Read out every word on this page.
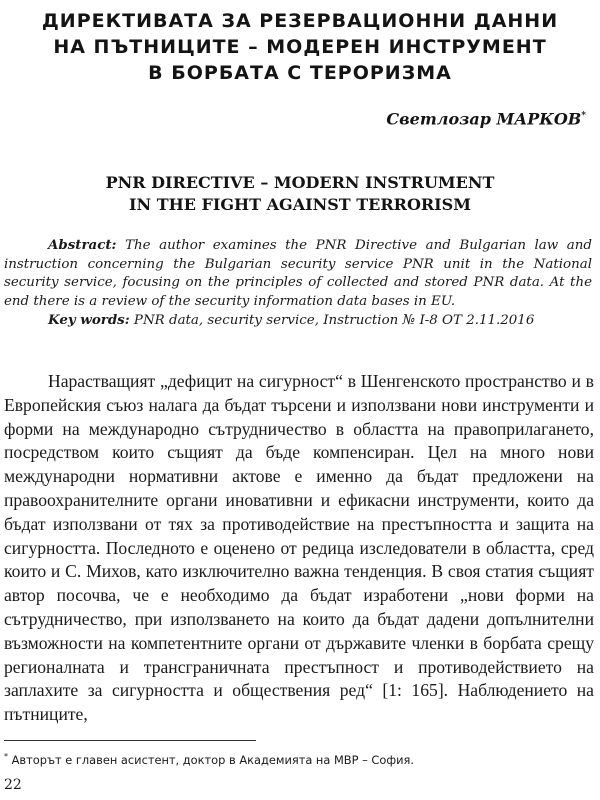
ДИРЕКТИВАТА ЗА РЕЗЕРВАЦИОННИ ДАННИ
НА ПЪТНИЦИТЕ – МОДЕРЕН ИНСТРУМЕНТ
В БОРБАТА С ТЕРОРИЗМА
Светлозар МАРКОВ*
PNR DIRECTIVE – MODERN INSTRUMENT
IN THE FIGHT AGAINST TERRORISM

Abstract: The author examines the PNR Directive and Bulgarian law and instruction concerning the Bulgarian security service PNR unit in the National security service, focusing on the principles of collected and stored PNR data. At the end there is a review of the security information data bases in EU.

Key words: PNR data, security service, Instruction № I-8 OT 2.11.2016

Нарастващият „дефицит на сигурност“ в Шенгенското пространство и в Европейския съюз налага да бъдат търсени и използвани нови инструменти и форми на международно сътрудничество в областта на правоприлагането, посредством които същият да бъде компенсиран. Цел на много нови международни нормативни актове е именно да бъдат предложени на правоохранителните органи иновативни и ефикасни инструменти, които да бъдат използвани от тях за противодействие на престъпността и защита на сигурността. Последното е оценено от редица изследователи в областта, сред които и С. Михов, като изключително важна тенденция. В своя статия същият автор посочва, че е необходимо да бъдат изработени „нови форми на сътрудничество, при използването на които да бъдат дадени допълнителни възможности на компетентните органи от държавите членки в борбата срещу регионалната и трансграничната престъпност и противодействието на заплахите за сигурността и обществения ред“ [1: 165]. Наблюдението на пътниците,

* Авторът е главен асистент, доктор в Академията на МВР – София.
22
